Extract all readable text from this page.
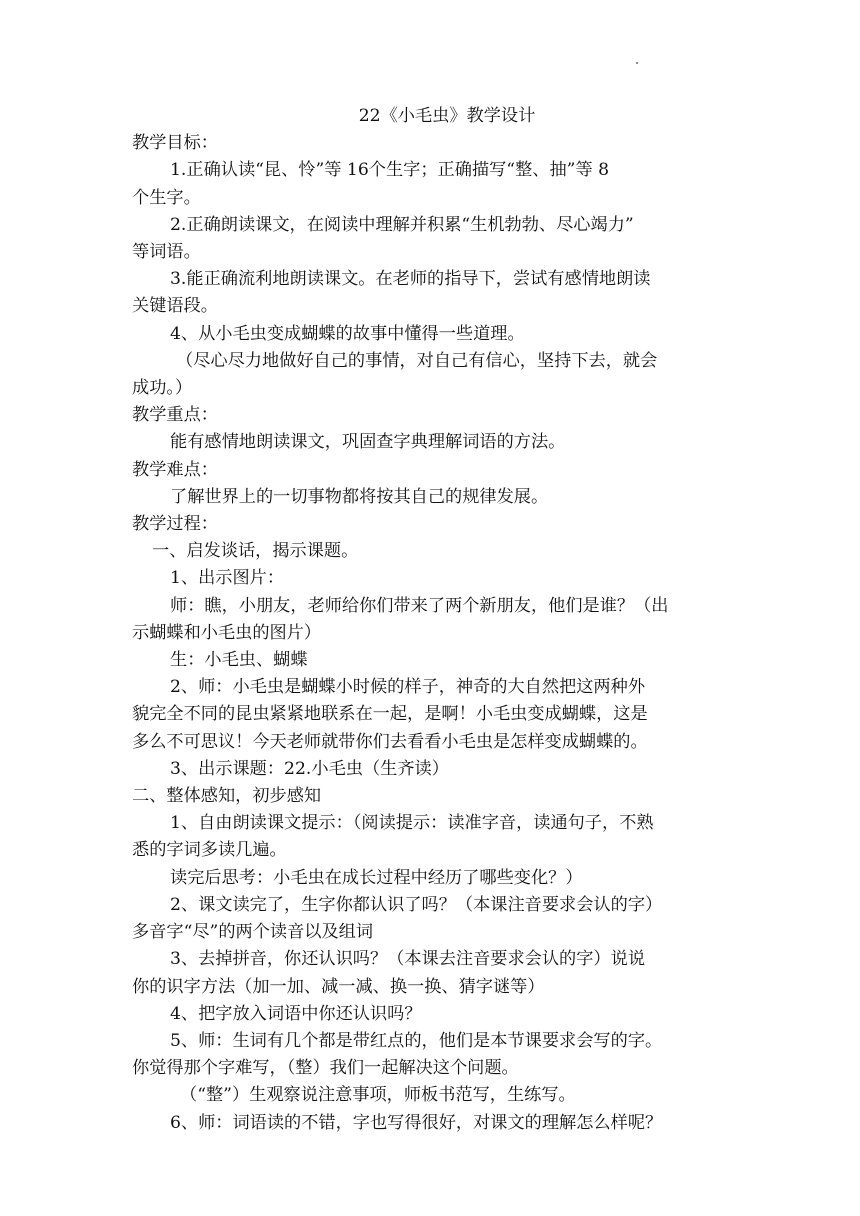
22《小毛虫》教学设计
教学目标：
1.正确认读“昆、怜”等 16个生字；正确描写“整、抽”等 8
个生字。
2.正确朗读课文，在阅读中理解并积累“生机勃勃、尽心竭力”
等词语。
3.能正确流利地朗读课文。在老师的指导下，尝试有感情地朗读
关键语段。
4、从小毛虫变成蝴蝶的故事中懂得一些道理。
（尽心尽力地做好自己的事情，对自己有信心，坚持下去，就会
成功。）
教学重点：
能有感情地朗读课文，巩固查字典理解词语的方法。
教学难点：
了解世界上的一切事物都将按其自己的规律发展。
教学过程：
一、启发谈话，揭示课题。
1、出示图片：
师：瞧，小朋友，老师给你们带来了两个新朋友，他们是谁？（出
示蝴蝶和小毛虫的图片）
生：小毛虫、蝴蝶
2、师：小毛虫是蝴蝶小时候的样子，神奇的大自然把这两种外
貌完全不同的昆虫紧紧地联系在一起，是啊！小毛虫变成蝴蝶，这是
多么不可思议！今天老师就带你们去看看小毛虫是怎样变成蝴蝶的。
3、出示课题：22.小毛虫（生齐读）
二、整体感知，初步感知
1、自由朗读课文提示：（阅读提示：读准字音，读通句子，不熟
悉的字词多读几遍。
读完后思考：小毛虫在成长过程中经历了哪些变化？）
2、课文读完了，生字你都认识了吗？（本课注音要求会认的字）
多音字“尽”的两个读音以及组词
3、去掉拼音，你还认识吗？（本课去注音要求会认的字）说说
你的识字方法（加一加、减一减、换一换、猜字谜等）
4、把字放入词语中你还认识吗？
5、师：生词有几个都是带红点的，他们是本节课要求会写的字。
你觉得那个字难写，（整）我们一起解决这个问题。
（“整”）生观察说注意事项，师板书范写，生练写。
6、师：词语读的不错，字也写得很好，对课文的理解怎么样呢？
